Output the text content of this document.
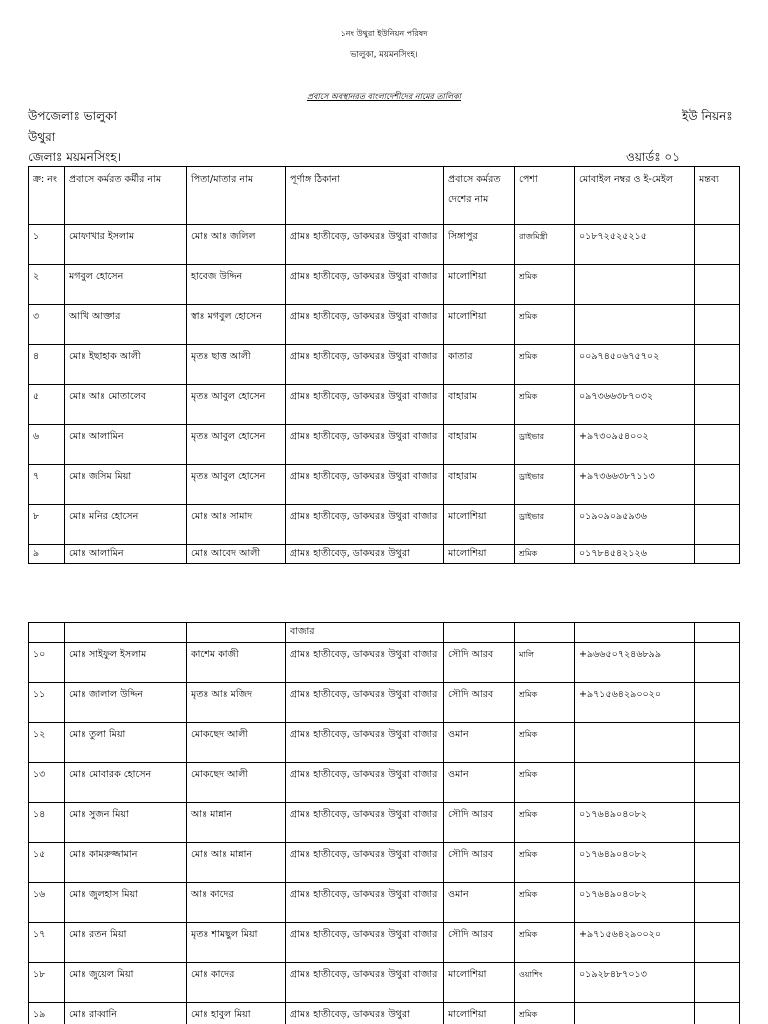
১নং উথুরা ইউনিয়ন পরিষদ
ভালুকা, ময়মনসিংহ।
প্রবাসে অবস্থানরত বাংলাদেশীদের নামের তালিকা
উপজেলাঃ ভালুকা	ইউ নিয়নঃ
উথুরা
জেলাঃ ময়মনসিংহ।	ওয়ার্ডঃ ০১
ক্র: নং	প্রবাসে কর্মরত কর্মীর নাম	পিতা/মাতার নাম	পূর্ণাঙ্গ ঠিকানা	প্রবাসে কর্মরত দেশের নাম	পেশা	মোবাইল নম্বর ও ই-মেইল	মন্তব্য
১	মোফাখার ইসলাম	মোঃ আঃ জলিল	গ্রামঃ হাতীবেড়, ডাকঘরঃ উথুরা বাজার	সিঙ্গাপুর	রাজমিস্ত্রী	০১৮৭২৫২৫২১৫	
২	মগবুল হোসেন	হাবেজ উদ্দিন	গ্রামঃ হাতীবেড়, ডাকঘরঃ উথুরা বাজার	মালোশিয়া	শ্রমিক		
৩	আখি আক্তার	স্বাঃ মগবুল হোসেন	গ্রামঃ হাতীবেড়, ডাকঘরঃ উথুরা বাজার	মালোশিয়া	শ্রমিক		
৪	মোঃ ইছাহাক আলী	মৃতঃ ছাত্ত আলী	গ্রামঃ হাতীবেড়, ডাকঘরঃ উথুরা বাজার	কাতার	শ্রমিক	০০৯৭৪৫০৬৭৫৭০২	
৫	মোঃ আঃ মোতালেব	মৃতঃ আবুল হোসেন	গ্রামঃ হাতীবেড়, ডাকঘরঃ উথুরা বাজার	বাহারাম	শ্রমিক	০৯৭৩৬৬৩৮৭০৩২	
৬	মোঃ আলামিন	মৃতঃ আবুল হোসেন	গ্রামঃ হাতীবেড়, ডাকঘরঃ উথুরা বাজার	বাহারাম	ড্রাইভার	+৯৭৩০৯৫৪০০২	
৭	মোঃ জসিম মিয়া	মৃতঃ আবুল হোসেন	গ্রামঃ হাতীবেড়, ডাকঘরঃ উথুরা বাজার	বাহারাম	ড্রাইভার	+৯৭৩৬৬৩৮৭১১৩	
৮	মোঃ মনির হোসেন	মোঃ আঃ সামাদ	গ্রামঃ হাতীবেড়, ডাকঘরঃ উথুরা বাজার	মালোশিয়া	ড্রাইভার	০১৯০৯০৯৫৯৩৬	
৯	মোঃ আলামিন	মোঃ আবেদ আলী	গ্রামঃ হাতীবেড়, ডাকঘরঃ উথুরা	মালোশিয়া	শ্রমিক	০১৭৮৪৫৪২১২৬	
			বাজার				
১০	মোঃ সাইফুল ইসলাম	কাশেম কাজী	গ্রামঃ হাতীবেড়, ডাকঘরঃ উথুরা বাজার	সৌদি আরব	মালি	+৯৬৬৫০৭২৪৬৮৯৯	
১১	মোঃ জালাল উদ্দিন	মৃতঃ আঃ মজিদ	গ্রামঃ হাতীবেড়, ডাকঘরঃ উথুরা বাজার	সৌদি আরব	শ্রমিক	+৯৭১৫৬৪২৯০০২০	
১২	মোঃ তুলা মিয়া	মোকছেদ আলী	গ্রামঃ হাতীবেড়, ডাকঘরঃ উথুরা বাজার	ওমান	শ্রমিক		
১৩	মোঃ মোবারক হোসেন	মোকছেদ আলী	গ্রামঃ হাতীবেড়, ডাকঘরঃ উথুরা বাজার	ওমান	শ্রমিক		
১৪	মোঃ সুজন মিয়া	আঃ মান্নান	গ্রামঃ হাতীবেড়, ডাকঘরঃ উথুরা বাজার	সৌদি আরব	শ্রমিক	০১৭৬৪৯০৪০৮২	
১৫	মোঃ কামরুজ্জামান	মোঃ আঃ মান্নান	গ্রামঃ হাতীবেড়, ডাকঘরঃ উথুরা বাজার	সৌদি আরব	শ্রমিক	০১৭৬৪৯০৪০৮২	
১৬	মোঃ জুলহাস মিয়া	আঃ কাদের	গ্রামঃ হাতীবেড়, ডাকঘরঃ উথুরা বাজার	ওমান	শ্রমিক	০১৭৬৪৯০৪০৮২	
১৭	মোঃ রতন মিয়া	মৃতঃ শামছুল মিয়া	গ্রামঃ হাতীবেড়, ডাকঘরঃ উথুরা বাজার	সৌদি আরব	শ্রমিক	+৯৭১৫৬৪২৯০০২০	
১৮	মোঃ জুয়েল মিয়া	মোঃ কাদের	গ্রামঃ হাতীবেড়, ডাকঘরঃ উথুরা বাজার	মালোশিয়া	ওয়াশিং	০১৯২৮৪৮৭০১৩	
১৯	মোঃ রাব্বানি	মোঃ হাবুল মিয়া	গ্রামঃ হাতীবেড়, ডাকঘরঃ উথুরা	মালোশিয়া	শ্রমিক		
